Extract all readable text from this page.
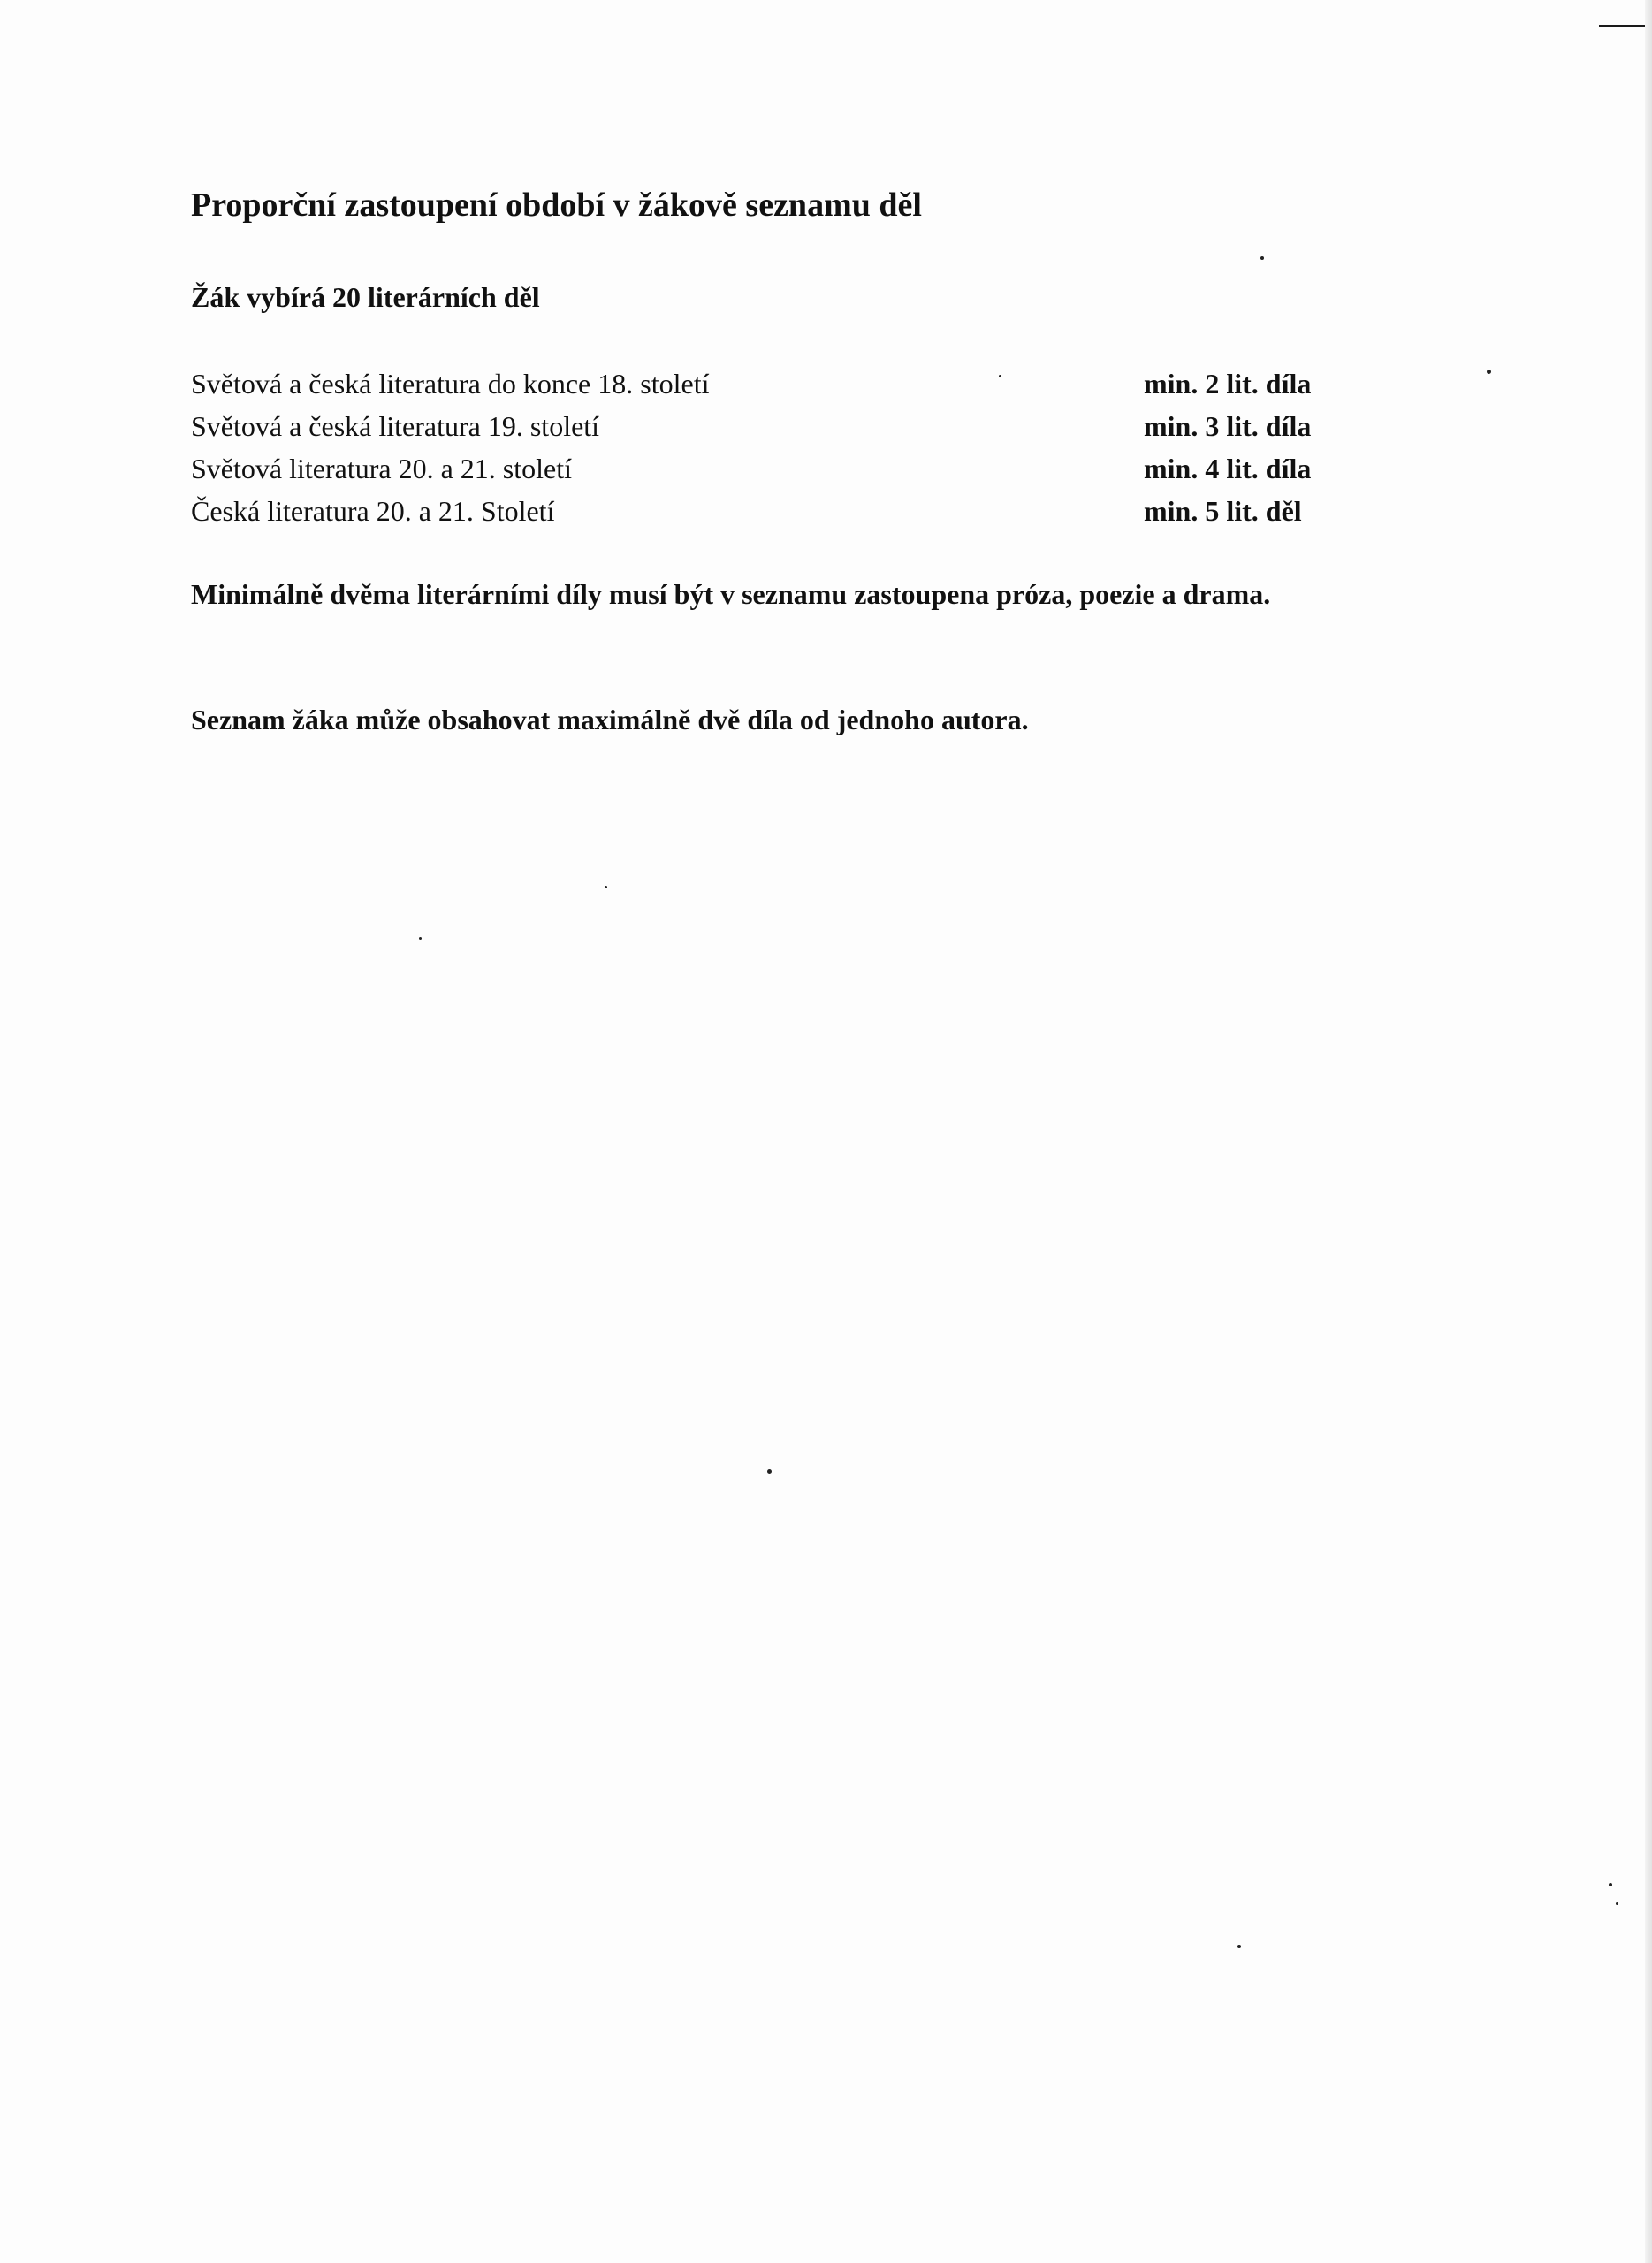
Proporční zastoupení období v žákově seznamu děl
Žák vybírá 20 literárních děl
Světová a česká literatura do konce 18. století	min. 2 lit. díla
Světová a česká literatura 19. století	min. 3 lit. díla
Světová literatura 20. a 21. století	min. 4 lit. díla
Česká literatura 20. a 21. Století	min. 5 lit. děl
Minimálně dvěma literárními díly musí být v seznamu zastoupena próza, poezie a drama.
Seznam žáka může obsahovat maximálně dvě díla od jednoho autora.
